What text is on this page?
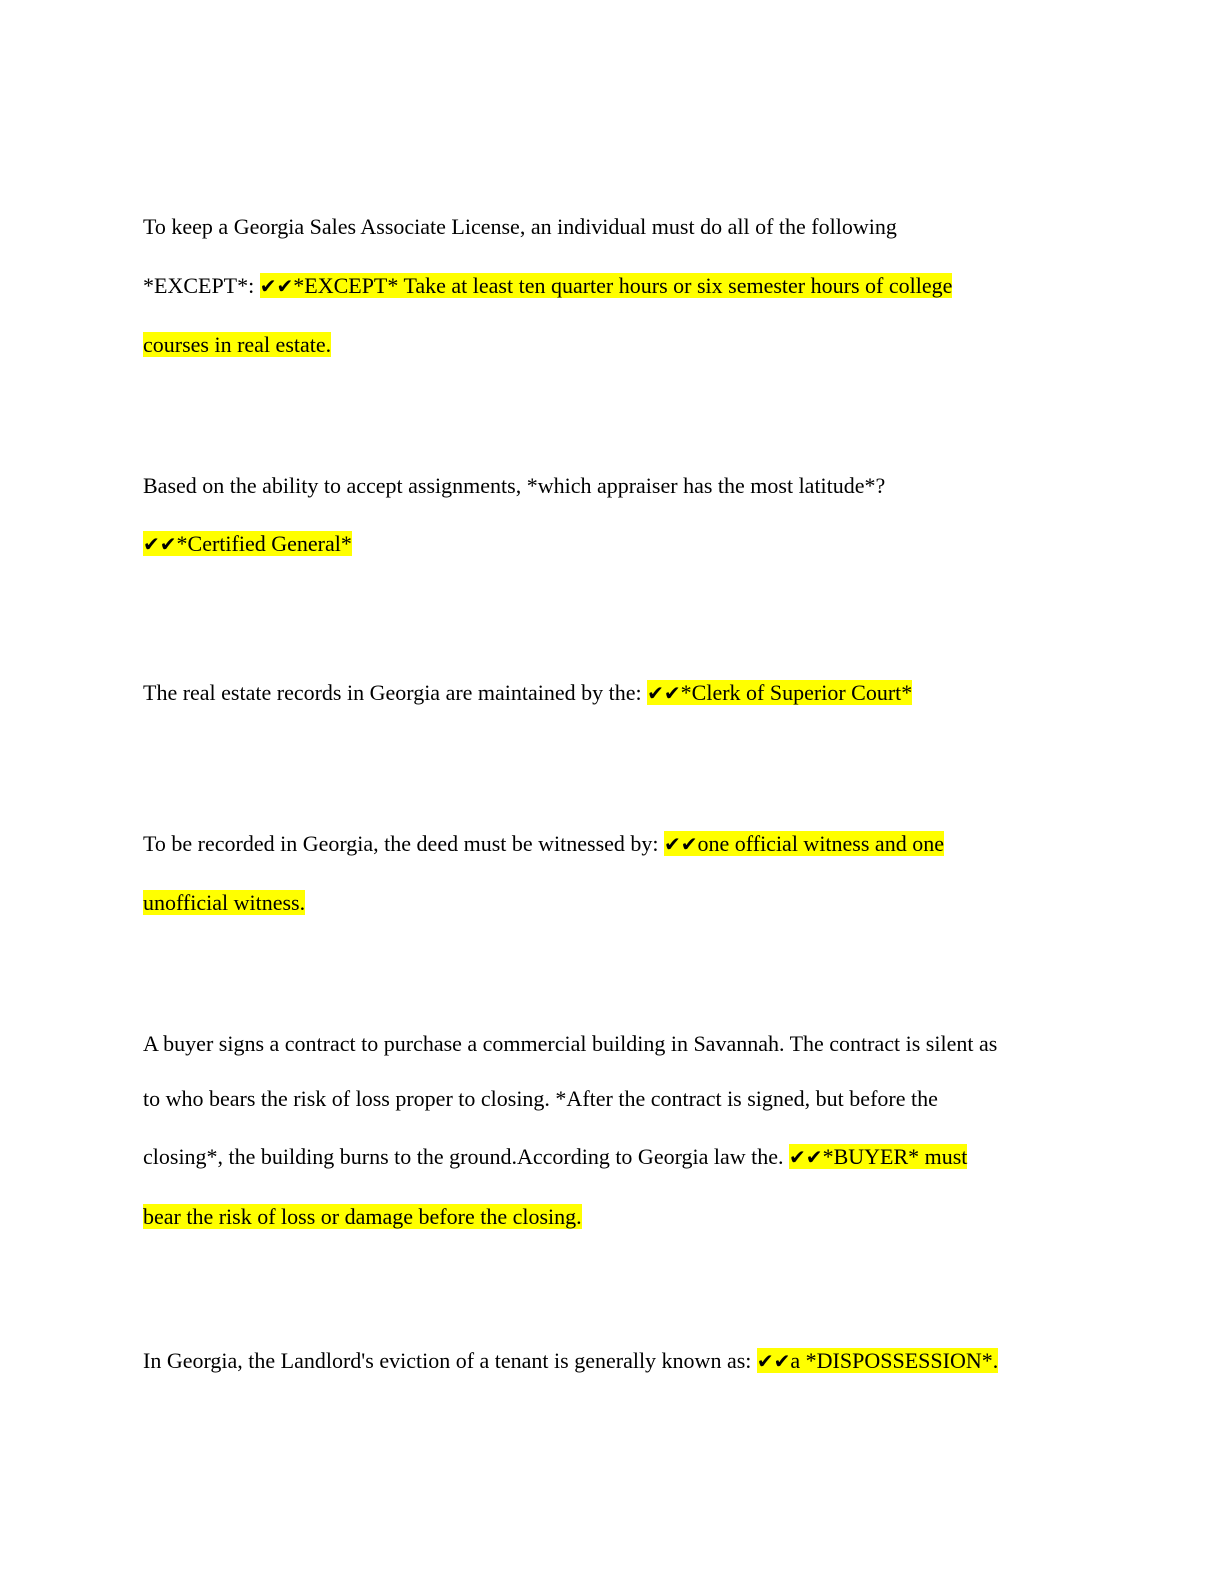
To keep a Georgia Sales Associate License, an individual must do all of the following
*EXCEPT*: ✔✔*EXCEPT* Take at least ten quarter hours or six semester hours of college
courses in real estate.
Based on the ability to accept assignments, *which appraiser has the most latitude*?
✔✔*Certified General*
The real estate records in Georgia are maintained by the: ✔✔*Clerk of Superior Court*
To be recorded in Georgia, the deed must be witnessed by: ✔✔one official witness and one
unofficial witness.
A buyer signs a contract to purchase a commercial building in Savannah. The contract is silent as
to who bears the risk of loss proper to closing. *After the contract is signed, but before the
closing*, the building burns to the ground.According to Georgia law the. ✔✔*BUYER* must
bear the risk of loss or damage before the closing.
In Georgia, the Landlord's eviction of a tenant is generally known as: ✔✔a *DISPOSSESSION*.
